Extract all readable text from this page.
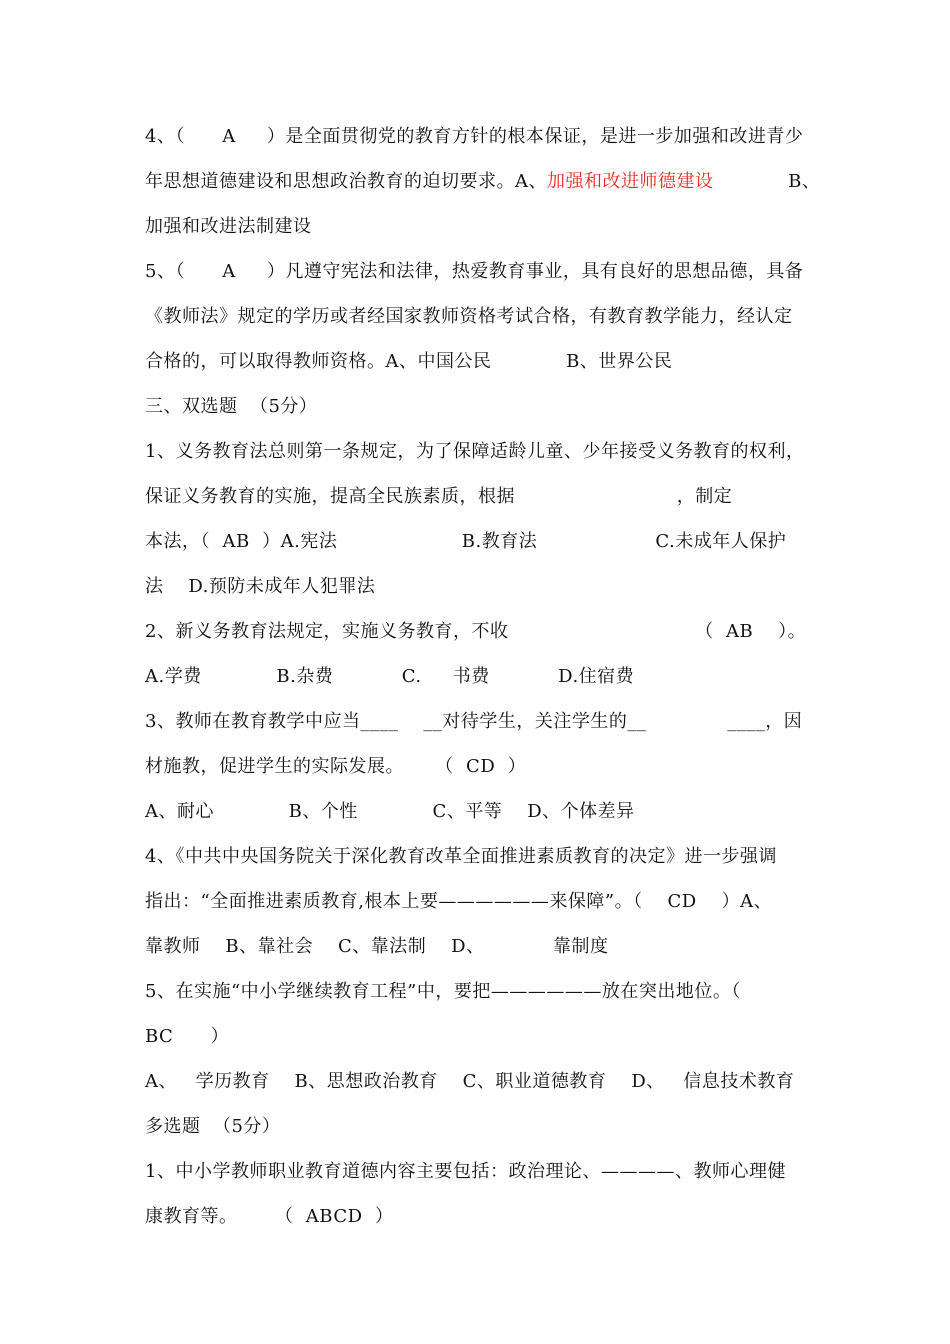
4、（      A     ）是全面贯彻党的教育方针的根本保证，是进一步加强和改进青少
年思想道德建设和思想政治教育的迫切要求。A、加强和改进师德建设            B、
加强和改进法制建设
5、（      A     ）凡遵守宪法和法律，热爱教育事业，具有良好的思想品德，具备
《教师法》规定的学历或者经国家教师资格考试合格，有教育教学能力，经认定
合格的，可以取得教师资格。A、中国公民            B、世界公民
三、双选题  （5分）
1、义务教育法总则第一条规定，为了保障适龄儿童、少年接受义务教育的权利，
保证义务教育的实施，提高全民族素质，根据                          ，制定
本法，（  AB  ）A.宪法                    B.教育法                   C.未成年人保护
法    D.预防未成年人犯罪法
2、新义务教育法规定，实施义务教育，不收                              （  AB    ）。
A.学费            B.杂费           C.     书费           D.住宿费
3、教师在教育教学中应当____    __对待学生，关注学生的__             ____，因
材施教，促进学生的实际发展。     （  CD  ）
A、耐心            B、个性            C、平等    D、个体差异
4、《中共中央国务院关于深化教育改革全面推进素质教育的决定》进一步强调
指出：“全面推进素质教育,根本上要——————来保障”。（    CD    ）A、
靠教师    B、靠社会    C、靠法制    D、           靠制度
5、在实施“中小学继续教育工程”中，要把——————放在突出地位。（
BC      ）
A、   学历教育    B、思想政治教育    C、职业道德教育    D、   信息技术教育
多选题  （5分）
1、中小学教师职业教育道德内容主要包括：政治理论、————、教师心理健
康教育等。      （  ABCD  ）
